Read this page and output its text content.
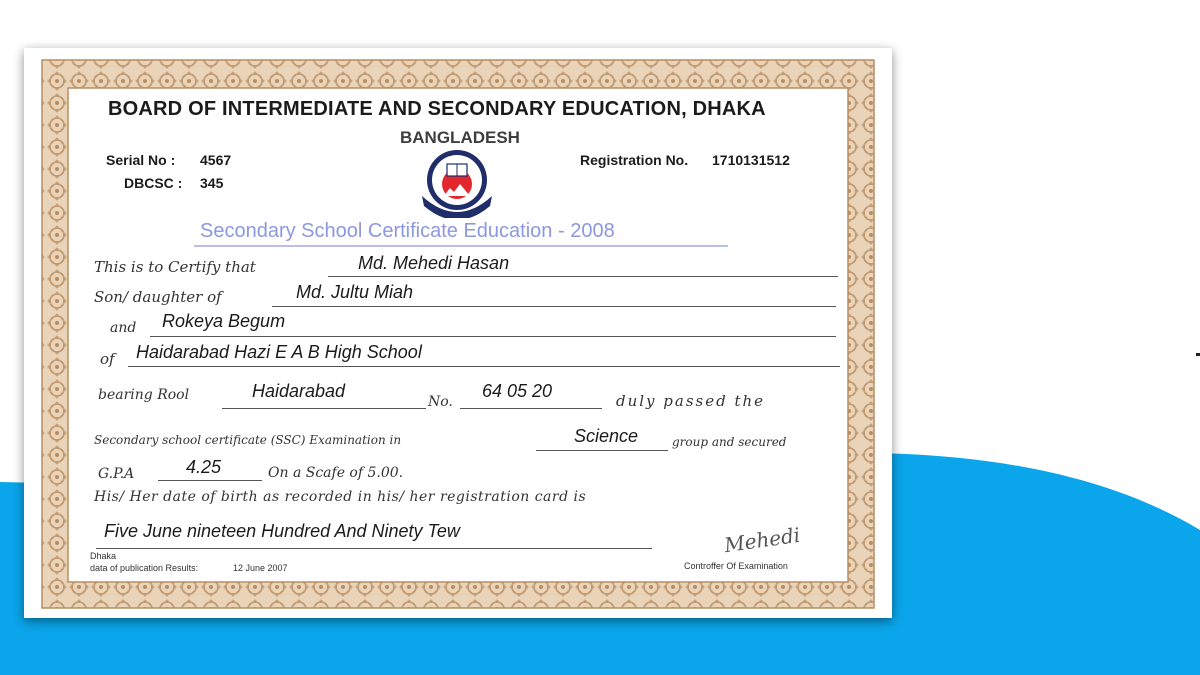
BOARD OF INTERMEDIATE AND SECONDARY EDUCATION, DHAKA
BANGLADESH
Serial No : 4567
DBCSC : 345
Registration No. 1710131512
Secondary School Certificate Education - 2008
This is to Certify that	Md. Mehedi Hasan
Son/ daughter of	Md. Jultu Miah
and Rokeya Begum
of Haidarabad Hazi E A B High School
bearing Rool	Haidarabad
No.
64 05 20	duly passed the
Secondary school certificate (SSC) Examination in	Science	group and secured
G.P.A	4.25	On a Scafe of 5.00.
His/ Her date of birth as recorded in his/ her registration card is
Five June nineteen Hundred And Ninety Tew
Dhaka
data of publication Results:	12 June 2007
Mehedi
Controffer Of Examination
